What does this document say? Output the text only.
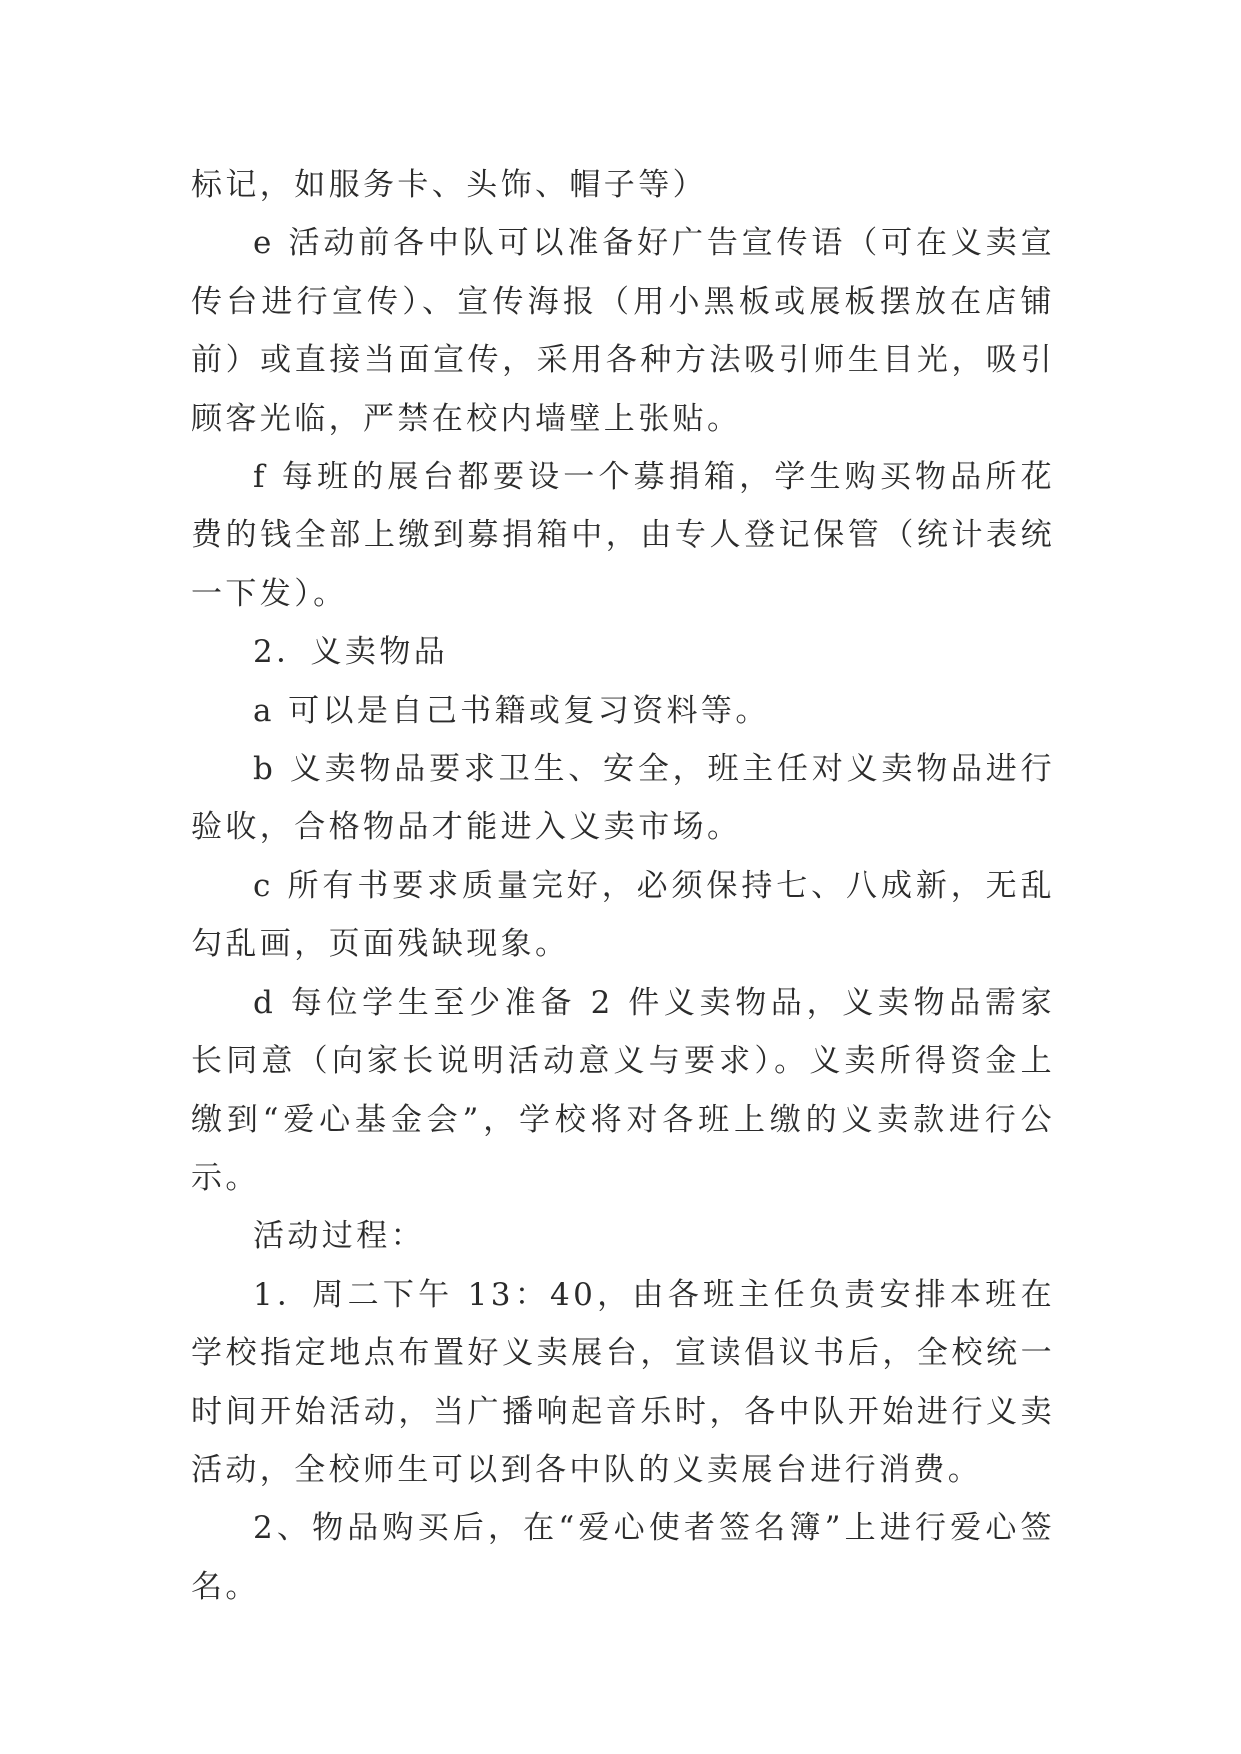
标记，如服务卡、头饰、帽子等）

e 活动前各中队可以准备好广告宣传语（可在义卖宣传台进行宣传）、宣传海报（用小黑板或展板摆放在店铺前）或直接当面宣传，采用各种方法吸引师生目光，吸引顾客光临，严禁在校内墙壁上张贴。

f 每班的展台都要设一个募捐箱，学生购买物品所花费的钱全部上缴到募捐箱中，由专人登记保管（统计表统一下发）。

2．义卖物品

a 可以是自己书籍或复习资料等。

b 义卖物品要求卫生、安全，班主任对义卖物品进行验收，合格物品才能进入义卖市场。

c 所有书要求质量完好，必须保持七、八成新，无乱勾乱画，页面残缺现象。

d 每位学生至少准备 2 件义卖物品，义卖物品需家长同意（向家长说明活动意义与要求）。义卖所得资金上缴到“爱心基金会”，学校将对各班上缴的义卖款进行公示。

活动过程：

1．周二下午 13：40，由各班主任负责安排本班在学校指定地点布置好义卖展台，宣读倡议书后，全校统一时间开始活动，当广播响起音乐时，各中队开始进行义卖活动，全校师生可以到各中队的义卖展台进行消费。

2、物品购买后，在“爱心使者签名簿”上进行爱心签名。
